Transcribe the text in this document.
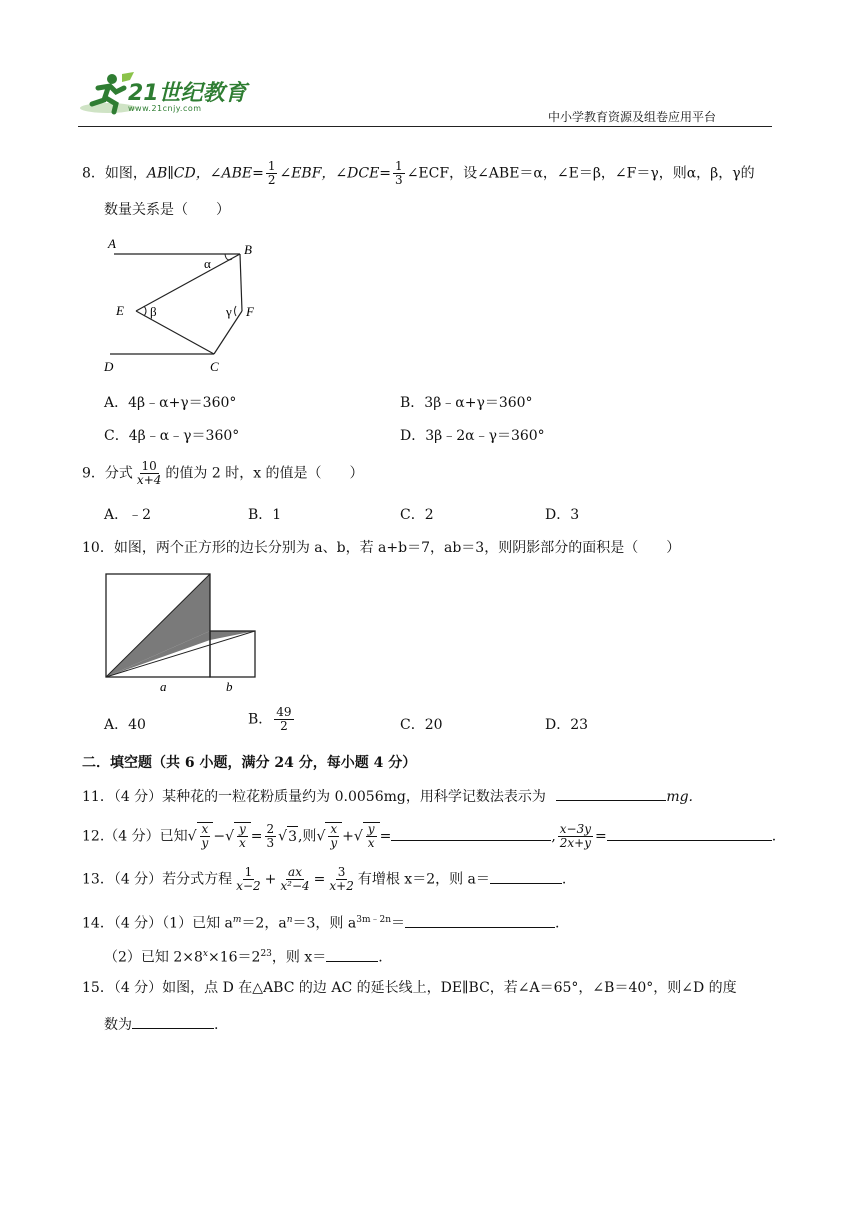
21世纪教育
www.21cnjy.com
中小学教育资源及组卷应用平台
8．如图，AB∥CD，∠ABE= $\frac{1}{2}$ ∠EBF，∠DCE= $\frac{1}{3}$ ∠ECF，设∠ABE＝α，∠E＝β，∠F＝γ，则α，β，γ的
数量关系是（　　）
A	B
C
D
E	F
α
β	γ
A．4β﹣α+γ＝360°	B．3β﹣α+γ＝360°
C．4β﹣α﹣γ＝360°	D．3β﹣2α﹣γ＝360°
9．分式 $\frac{10}{x+4}$ 的值为 2 时，x 的值是（　　）
A．﹣2	B．1	C．2	D．3
10．如图，两个正方形的边长分别为 a、b，若 a+b＝7，ab＝3，则阴影部分的面积是（　　）
a	b
A．40	B． $\frac{49}{2}$	C．20	D．23
二．填空题（共 6 小题，满分 24 分，每小题 4 分）
11．（4 分）某种花的一粒花粉质量约为 0.0056mg，用科学记数法表示为	mg.
12.（4 分）已知√ $\frac{x}{y}$ −√ $\frac{y}{x} = \frac{2}{3} √3$,则√ $\frac{x}{y}$ +√ $\frac{y}{x}$ =	, $\frac{x-3y}{2x+y}$ =	.
13．（4 分）若分式方程 $\frac{1}{x-2} + \frac{ax}{\text{x²−4}} = \frac{3}{x+2}$ 有增根 x＝2，则 a＝	.
14．（4 分）（1）已知 $a^m=2$，$a^n=3$，则 $a^{3m﹣2n}=$	.
（2）已知 $2\times 8^x\times 16=2^{23}$，则 x＝	.
15．（4 分）如图，点 D 在△ABC 的边 AC 的延长线上，DE∥BC，若∠A＝65°，∠B＝40°，则∠D 的度
数为	.
